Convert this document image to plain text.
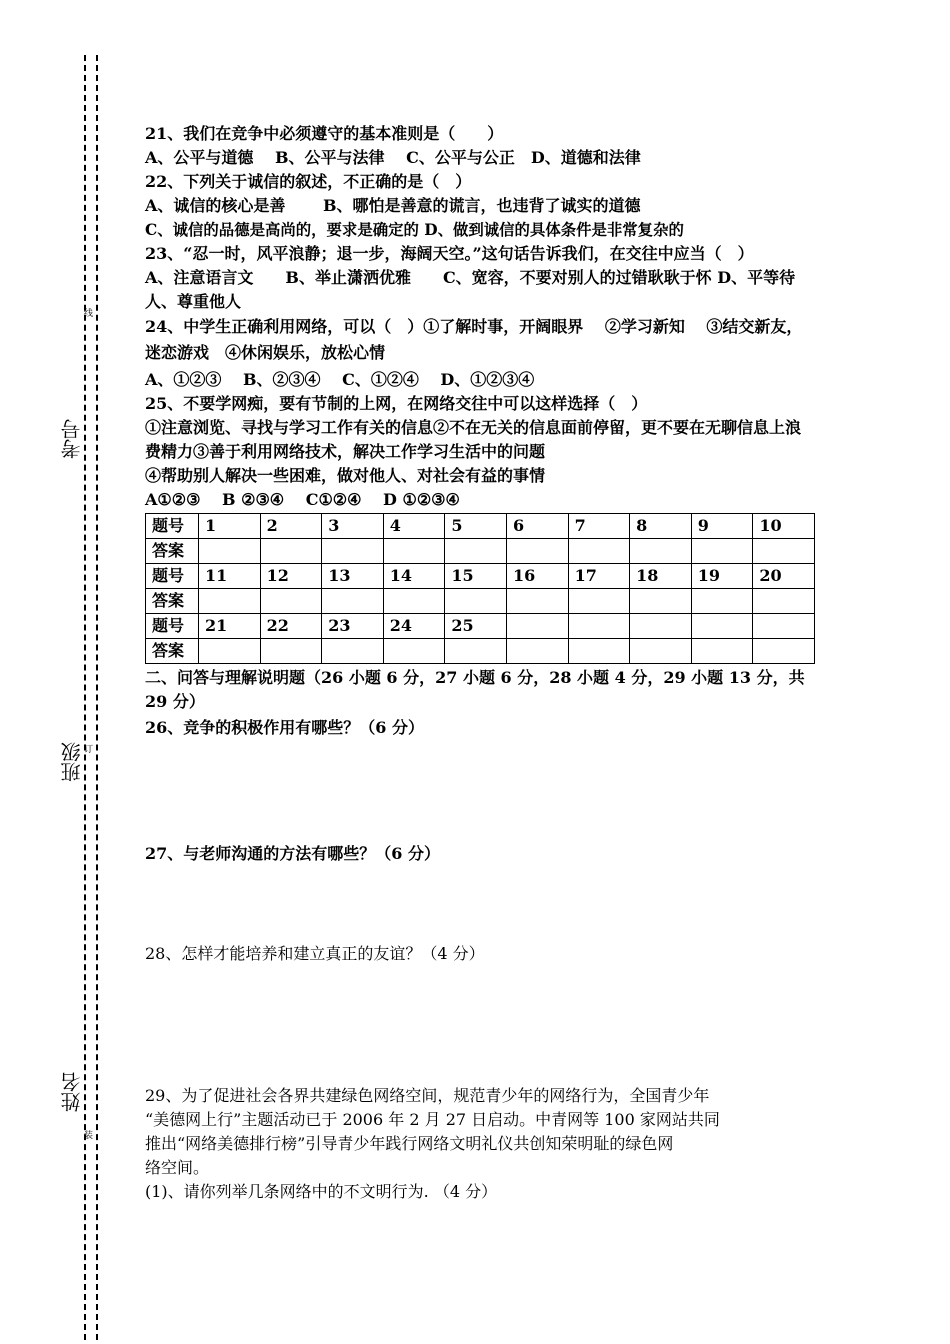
考号
班级
姓名
线
订
装
21、我们在竞争中必须遵守的基本准则是（　　）
A、公平与道德　 B、公平与法律　 C、公平与公正　D、道德和法律
22、下列关于诚信的叙述，不正确的是（　）
A、诚信的核心是善　　 B、哪怕是善意的谎言，也违背了诚实的道德
C、诚信的品德是高尚的，要求是确定的 D、做到诚信的具体条件是非常复杂的
23、“忍一时，风平浪静；退一步，海阔天空。”这句话告诉我们，在交往中应当（　）
A、注意语言文　　B、举止潇洒优雅　　C、宽容，不要对别人的过错耿耿于怀 D、平等待人、尊重他人
24、中学生正确利用网络，可以（　）①了解时事，开阔眼界　 ②学习新知　 ③结交新友，迷恋游戏　④休闲娱乐，放松心情
A、①②③　 B、②③④　 C、①②④　 D、①②③④
25、不要学网痴，要有节制的上网，在网络交往中可以这样选择（　）
①注意浏览、寻找与学习工作有关的信息②不在无关的信息面前停留，更不要在无聊信息上浪费精力③善于利用网络技术，解决工作学习生活中的问题
④帮助别人解决一些困难，做对他人、对社会有益的事情
A①②③　 B ②③④　 C①②④　 D ①②③④
题号	1	2	3	4	5	6	7	8	9	10
答案										
题号	11	12	13	14	15	16	17	18	19	20
答案										
题号	21	22	23	24	25					
答案										
二、问答与理解说明题（26 小题 6 分，27 小题 6 分，28 小题 4 分，29 小题 13 分，共 29 分）
26、竞争的积极作用有哪些？（6 分）
27、与老师沟通的方法有哪些？（6 分）
28、怎样才能培养和建立真正的友谊？（4 分）
29、为了促进社会各界共建绿色网络空间，规范青少年的网络行为，全国青少年
“美德网上行”主题活动已于 2006 年 2 月 27 日启动。中青网等 100 家网站共同
推出“网络美德排行榜”引导青少年践行网络文明礼仪共创知荣明耻的绿色网
络空间。
(1)、请你列举几条网络中的不文明行为. （4 分）
